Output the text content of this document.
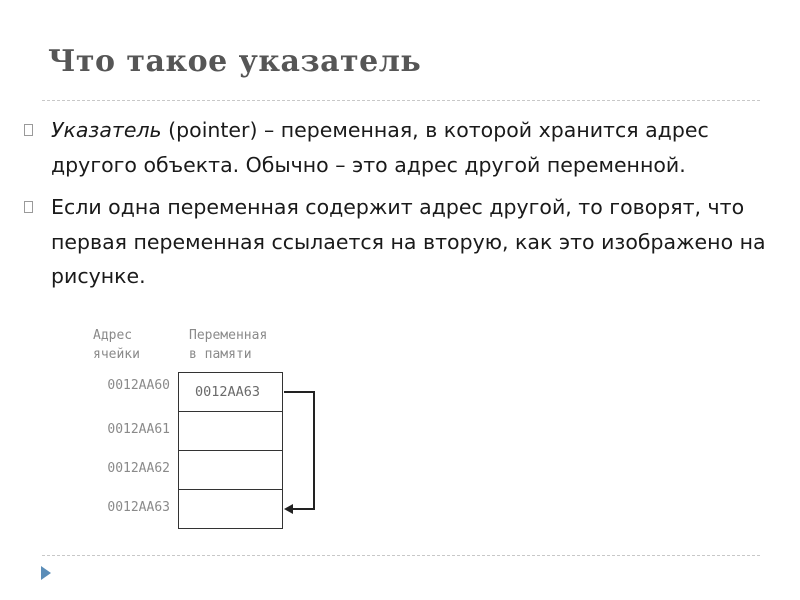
Что такое указатель
Указатель (pointer) – переменная, в которой хранится адрес другого объекта. Обычно – это адрес другой переменной.
Если одна переменная содержит адрес другой, то говорят, что первая переменная ссылается на вторую, как это изображено на рисунке.
Адрес
ячейки
Переменная
в памяти
0012AA60
0012AA61
0012AA62
0012AA63
0012AA63
